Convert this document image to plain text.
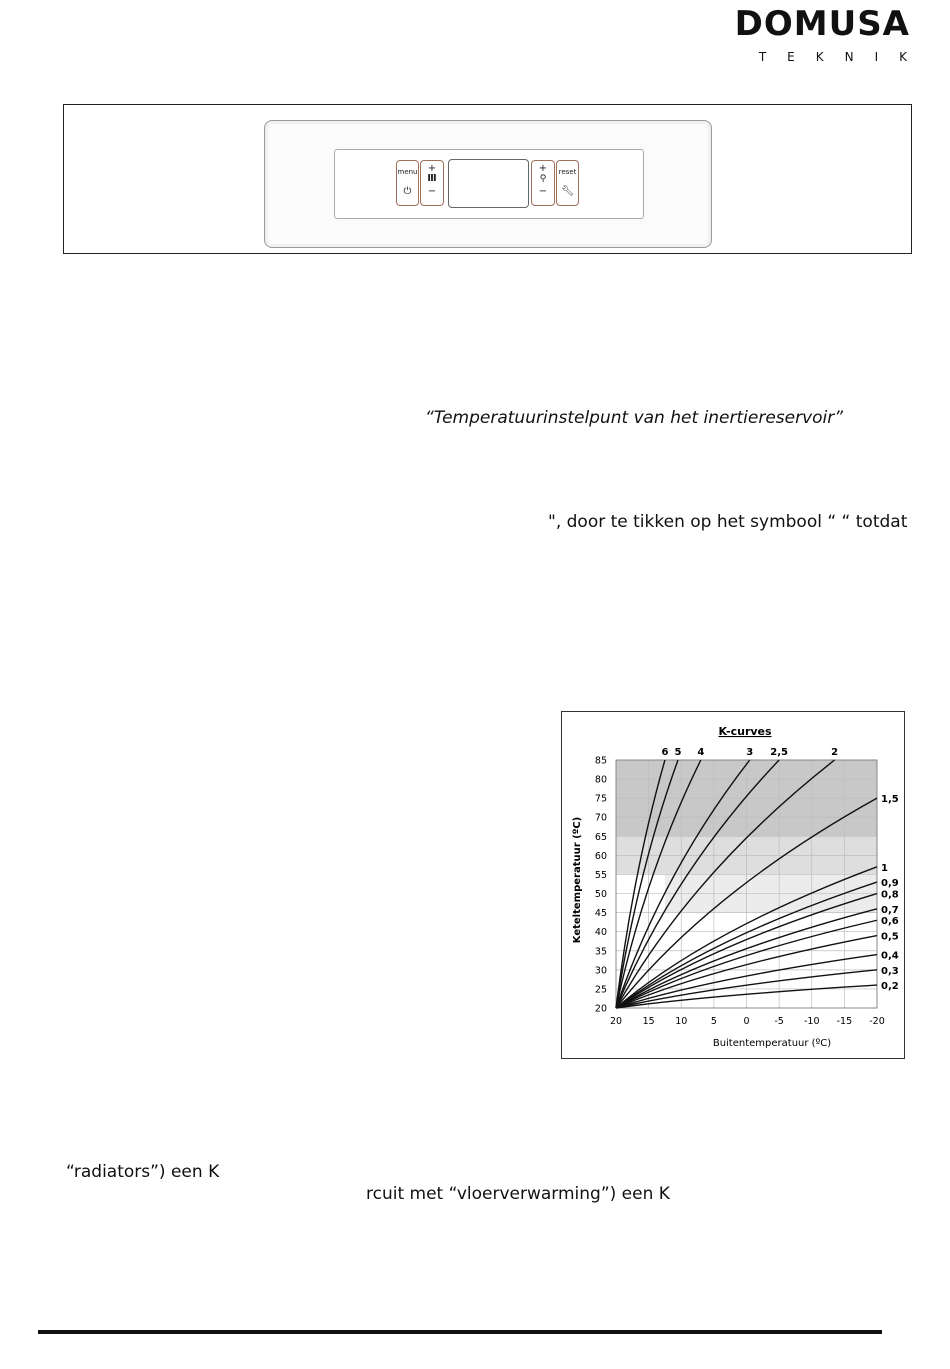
DOMUSA
TEKNIK
menu
⏻
+
Ⅲ
−
+
⚲
−
reset
🔧︎
“Temperatuurinstelpunt van het inertiereservoir”
", door te tikken op het symbool “ “ totdat
“radiators”) een K
rcuit met “vloerverwarming”) een K
20
25
30
35
40
45
50
55
60
65
70
75
80
85
20 15 10 5	0	-5 -10 -15 -20
6 5 4	3 2,5	2
1,5
1
0,9
0,8
0,7
0,6
0,5
0,4
0,3
0,2
K-curves
Buitentemperatuur (ºC)
Keteltemperatuur (ºC)
